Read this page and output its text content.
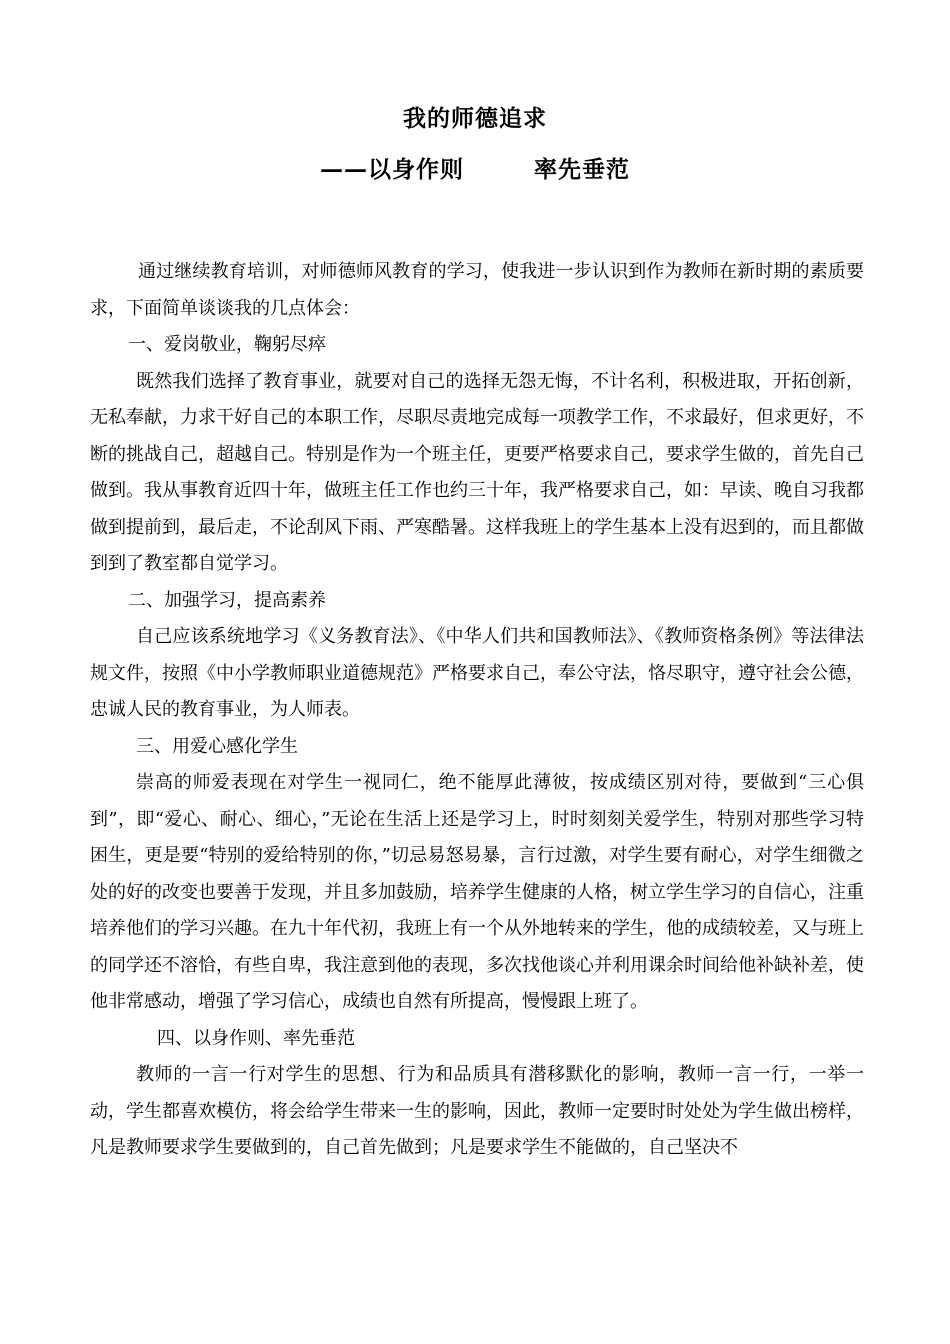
我的师德追求
——以身作则	率先垂范

通过继续教育培训，对师德师风教育的学习，使我进一步认识到作为教师在新时期的素质要求，下面简单谈谈我的几点体会：

一、爱岗敬业，鞠躬尽瘁

既然我们选择了教育事业，就要对自己的选择无怨无悔，不计名利，积极进取，开拓创新，无私奉献，力求干好自己的本职工作，尽职尽责地完成每一项教学工作，不求最好，但求更好，不断的挑战自己，超越自己。特别是作为一个班主任，更要严格要求自己，要求学生做的，首先自己做到。我从事教育近四十年，做班主任工作也约三十年，我严格要求自己，如：早读、晚自习我都做到提前到，最后走，不论刮风下雨、严寒酷暑。这样我班上的学生基本上没有迟到的，而且都做到到了教室都自觉学习。

二、加强学习，提高素养

自己应该系统地学习《义务教育法》、《中华人们共和国教师法》、《教师资格条例》等法律法规文件，按照《中小学教师职业道德规范》严格要求自己，奉公守法，恪尽职守，遵守社会公德，忠诚人民的教育事业，为人师表。

三、用爱心感化学生

崇高的师爱表现在对学生一视同仁，绝不能厚此薄彼，按成绩区别对待，要做到“三心俱到”，即“爱心、耐心、细心，”无论在生活上还是学习上，时时刻刻关爱学生，特别对那些学习特困生，更是要“特别的爱给特别的你，”切忌易怒易暴，言行过激，对学生要有耐心，对学生细微之处的好的改变也要善于发现，并且多加鼓励，培养学生健康的人格，树立学生学习的自信心，注重培养他们的学习兴趣。在九十年代初，我班上有一个从外地转来的学生，他的成绩较差，又与班上的同学还不溶恰，有些自卑，我注意到他的表现，多次找他谈心并利用课余时间给他补缺补差，使他非常感动，增强了学习信心，成绩也自然有所提高，慢慢跟上班了。

四、以身作则、率先垂范

教师的一言一行对学生的思想、行为和品质具有潜移默化的影响，教师一言一行，一举一动，学生都喜欢模仿，将会给学生带来一生的影响，因此，教师一定要时时处处为学生做出榜样，凡是教师要求学生要做到的，自己首先做到；凡是要求学生不能做的，自己坚决不
